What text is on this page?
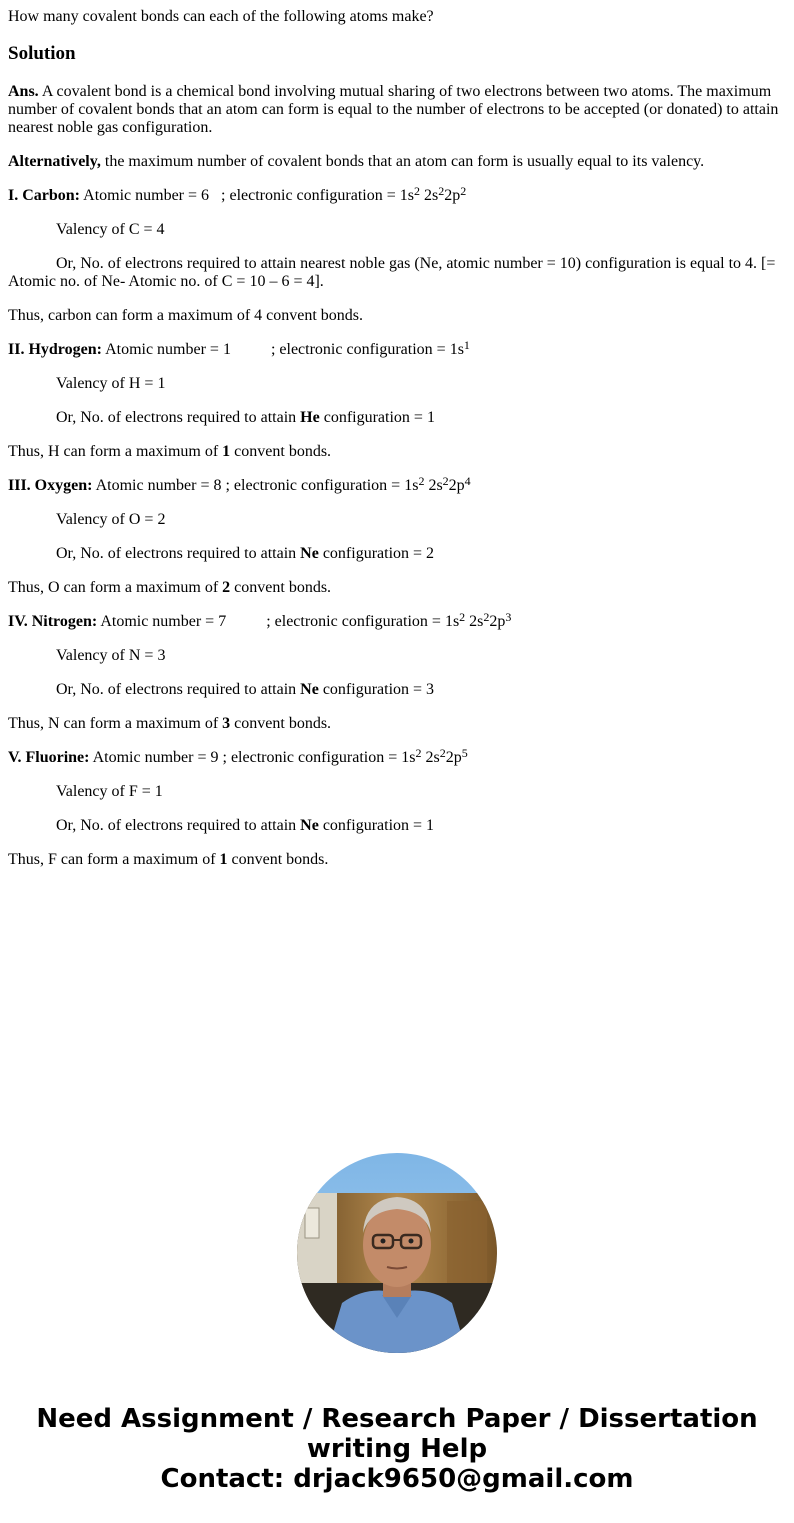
How many covalent bonds can each of the following atoms make?

Solution

Ans. A covalent bond is a chemical bond involving mutual sharing of two electrons between two atoms. The maximum number of covalent bonds that an atom can form is equal to the number of electrons to be accepted (or donated) to attain nearest noble gas configuration.

Alternatively, the maximum number of covalent bonds that an atom can form is usually equal to its valency.

I. Carbon: Atomic number = 6 ; electronic configuration = $1s^2$ $2s^22p^2$

Valency of C = 4

Or, No. of electrons required to attain nearest noble gas (Ne, atomic number = 10) configuration is equal to 4. [= Atomic no. of Ne- Atomic no. of C = 10 – 6 = 4].

Thus, carbon can form a maximum of 4 convent bonds.

II. Hydrogen: Atomic number = 1	; electronic configuration = $1s^1$

Valency of H = 1

Or, No. of electrons required to attain He configuration = 1

Thus, H can form a maximum of 1 convent bonds.

III. Oxygen: Atomic number = 8 ; electronic configuration = $1s^2$ $2s^22p^4$

Valency of O = 2

Or, No. of electrons required to attain Ne configuration = 2

Thus, O can form a maximum of 2 convent bonds.

IV. Nitrogen: Atomic number = 7	; electronic configuration = $1s^2$ $2s^22p^3$

Valency of N = 3

Or, No. of electrons required to attain Ne configuration = 3

Thus, N can form a maximum of 3 convent bonds.

V. Fluorine: Atomic number = 9 ; electronic configuration = $1s^2$ $2s^22p^5$

Valency of F = 1

Or, No. of electrons required to attain Ne configuration = 1

Thus, F can form a maximum of 1 convent bonds.

Need Assignment / Research Paper / Dissertation
writing Help
Contact: drjack9650@gmail.com
